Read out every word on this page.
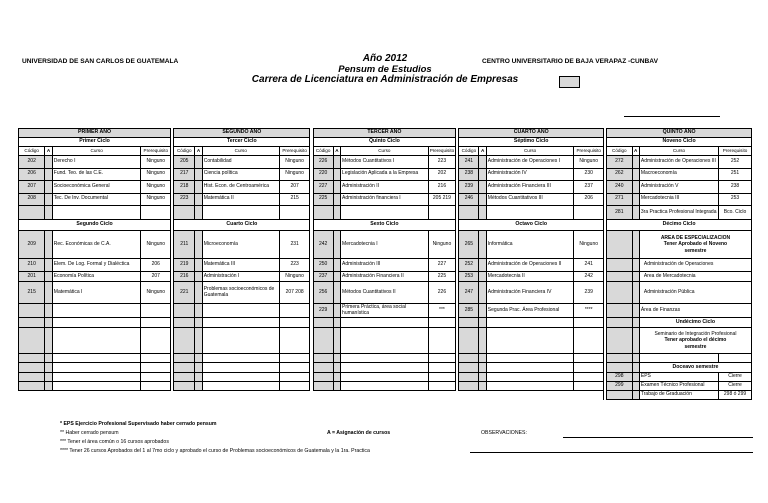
UNIVERSIDAD DE SAN CARLOS DE GUATEMALA	CENTRO UNIVERSITARIO DE BAJA VERAPAZ -CUNBAV
Año 2012
Pensum de Estudios
Carrera de Licenciatura en Administración de Empresas
PRIMER AÑO					SEGUNDO AÑO					TERCER AÑO					CUARTO AÑO					QUINTO AÑO			
Primer Ciclo					Tercer Ciclo					Quinto Ciclo					Séptimo Ciclo					Noveno Ciclo			
Código	A	Curso	Prerequisito		Código	A	Curso	Prerequisito		Código	A	Curso	Prerequisito		Código	A	Curso	Prerequisito		Código	A	Curso	Prerequisito
202		Derecho I	Ninguno		205		Contabilidad	Ninguno		226		Métodos Cuantitativos I	223		241		Administración de Operaciones I	Ninguno		272		Administración de Operaciones III	252
206		Fund. Teo. de las C.E.	Ninguno		217		Ciencia política	Ninguno		220		Legislación Aplicada a la Empresa	202		238		Administración IV	230		262		Macroeconomía	251
207		Socioeconómica General	Ninguno		218		Hist. Econ. de Centroamérica	207		227		Administración II	216		239		Administración Financiera III	237		240		Administración V	238
208		Tec. De Inv. Documental	Ninguno		223		Matemática II	215		225		Administración financiera I	205 219		246		Métodos Cuantitativos III	206		271		Mercadotecnia III	253
																				281		3ra Practica Profesional Integrada	Bco. Ciclo
Segundo Ciclo					Cuarto Ciclo					Sexto Ciclo					Octavo Ciclo					Décimo Ciclo			
209		Rec. Económicas de C.A.	Ninguno		211		Microeconomía	231		242		Mercadotecnia I	Ninguno		265		Informática	Ninguno				AREA DE ESPECIALIZACION
Tener Aprobado el Noveno
semestre	

210		Elem. De Log. Formal y Dialéctica	206		219		Matemática III	223		250		Administración III	227		252		Administración de Operaciones II	241				Administración de Operaciones	
201		Economía Política	207		216		Administración I	Ninguno		237		Administración Financiera II	225		253		Mercadotecnia II	242				Area de Mercadotecnia	
215		Matemática I	Ninguno		221		Problemas socioeconómicos de Guatemala	207 208		256		Métodos Cuantitativos II	226		247		Administración Financiera IV	239				Administración Pública	
										229		Primera Práctica, área social humanística	***		285		Segunda Prac. Área Profesional	****				Área de Finanzas	
																						Undécimo Ciclo	

																						Seminario de Integración Profesional
Tener aprobado el décimo
semestre	

																						Doceavo semestre	
																				298		EPS	Cierre
																				299		Examen Técnico Profesional	Cierre
																						Trabajo de Graduación	298 ó 299
* EPS Ejercicio Profesional Supervisado haber cerrado pensum
** Haber cerrado pensum
*** Tener el área común o 16 cursos aprobados
**** Tener 26 cursos Aprobados del 1 al 7mo ciclo y aprobado el curso de Problemas socioeconómicos de Guatemala y la 1ra. Practica
A = Asignación de cursos	OBSERVACIONES:
